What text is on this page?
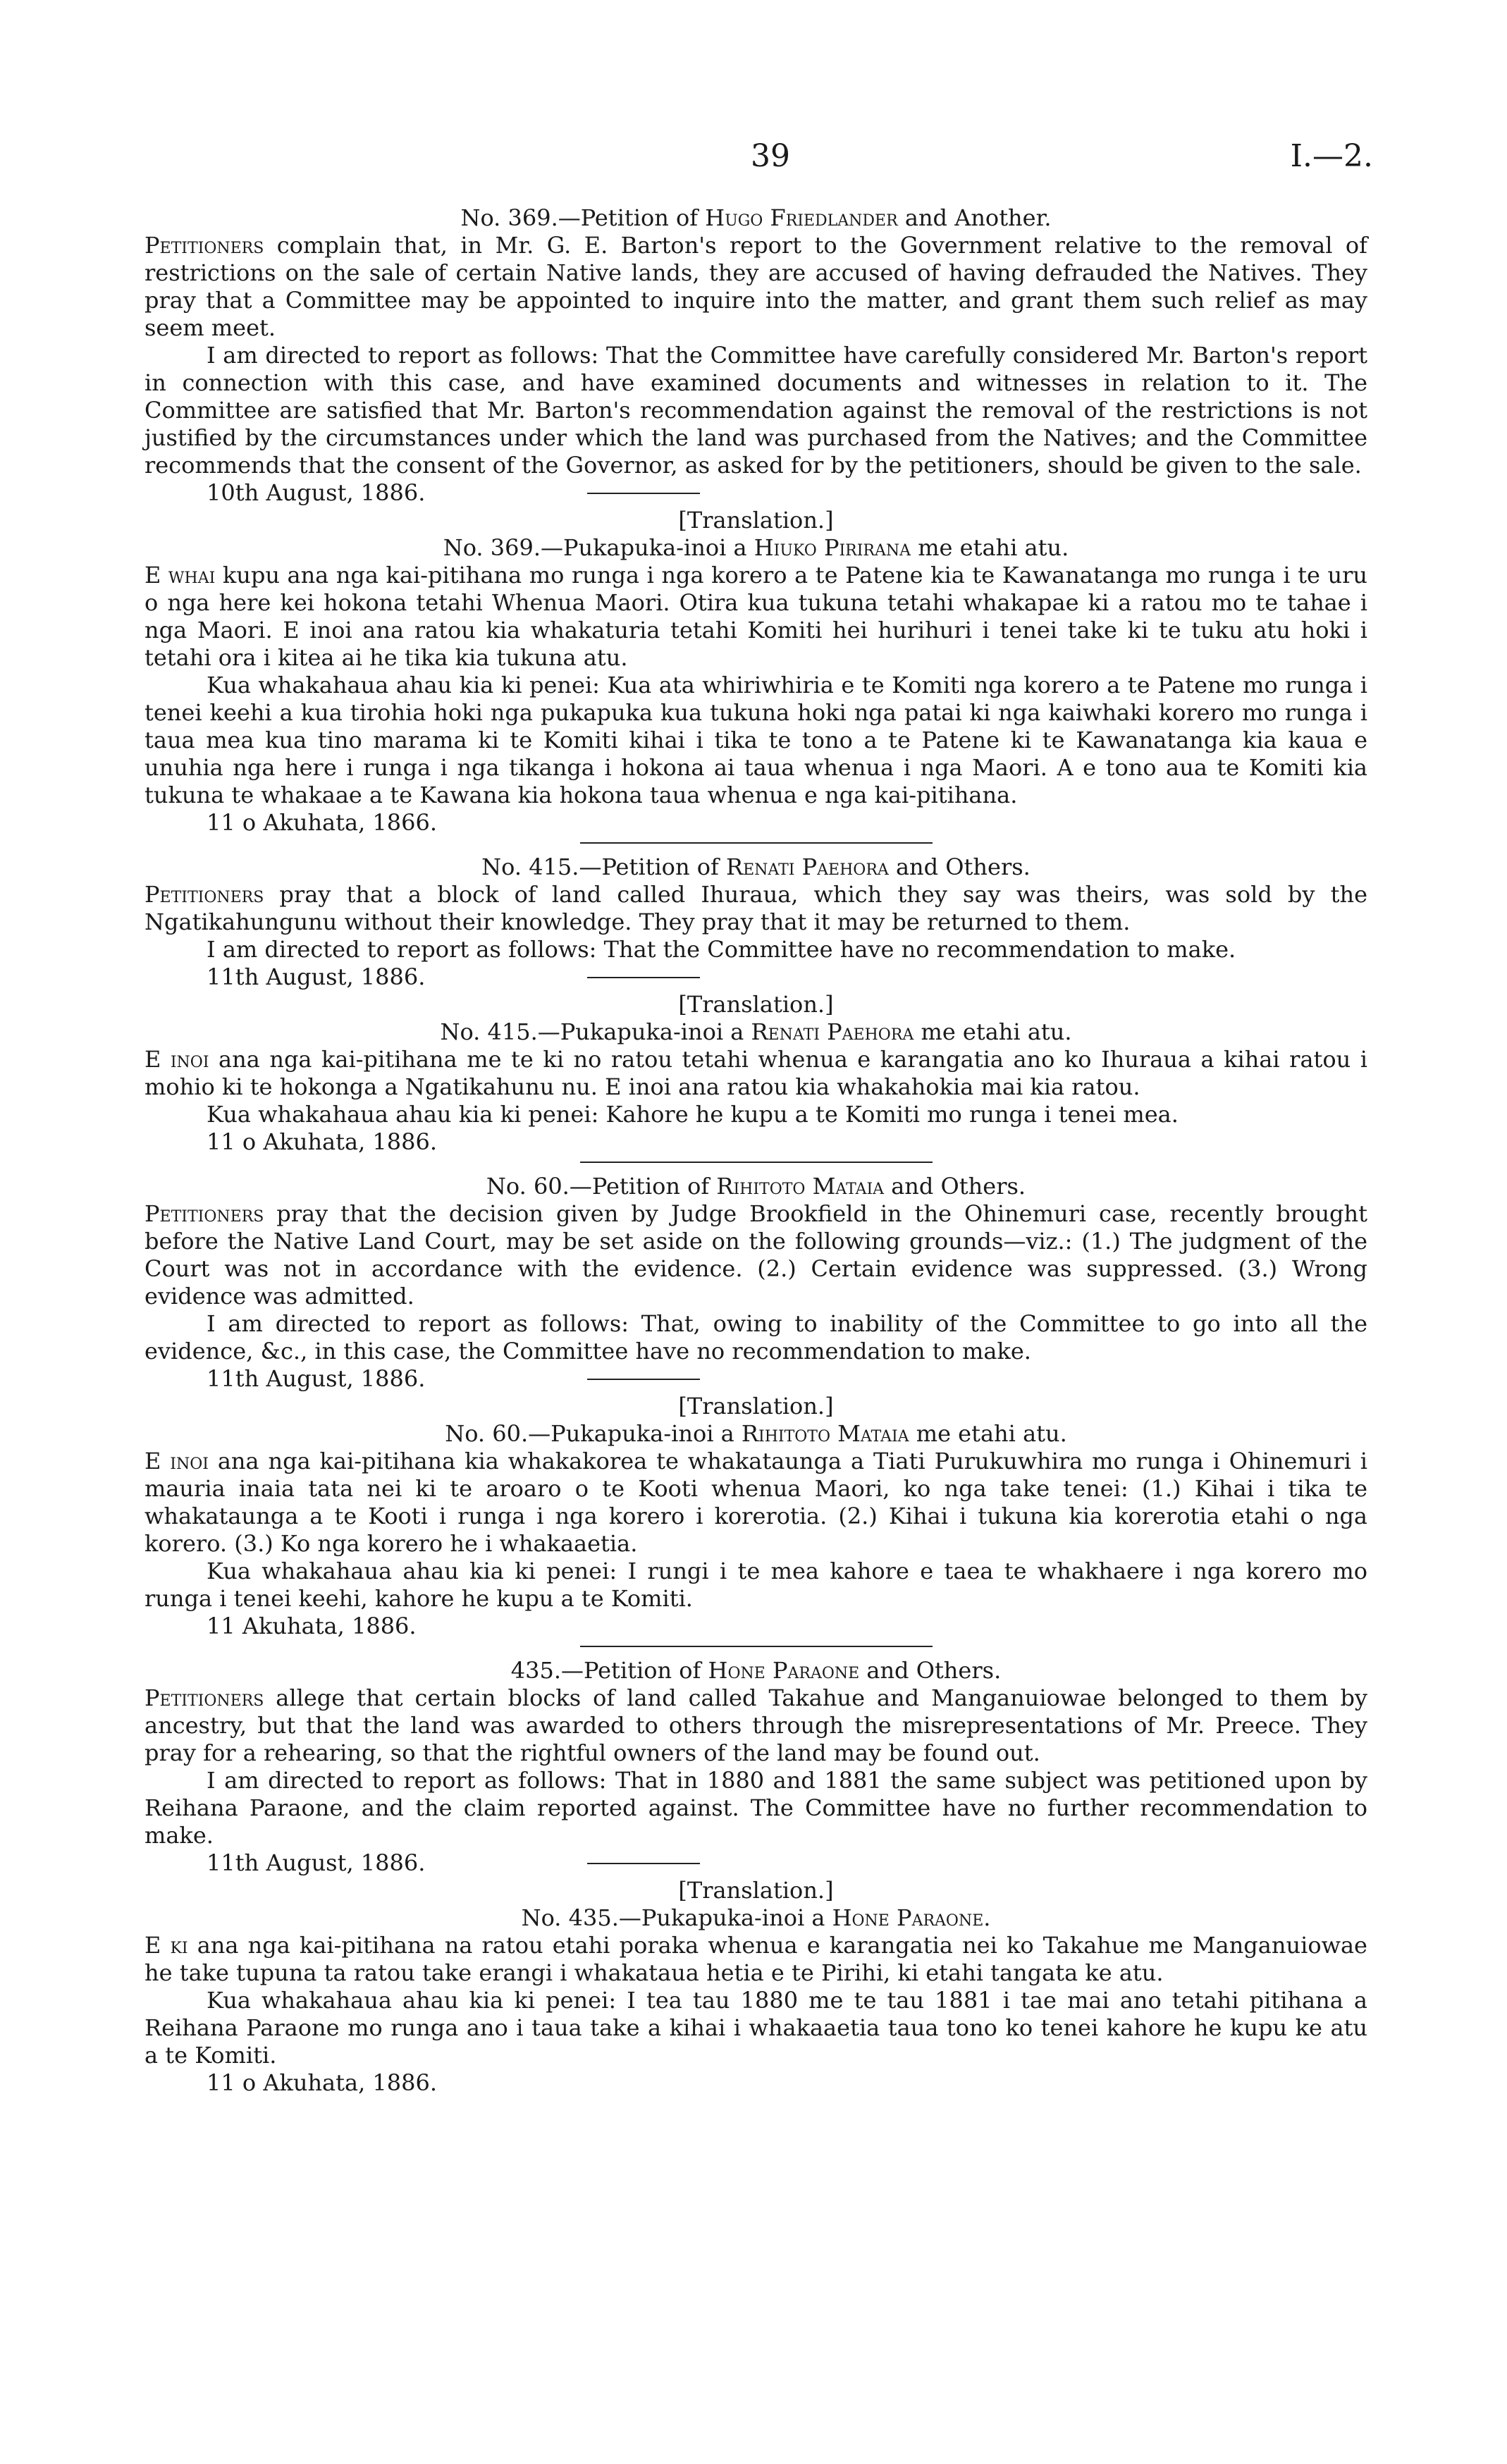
39	I.—2.

No. 369.—Petition of Hugo Friedlander and Another.

Petitioners complain that, in Mr. G. E. Barton's report to the Government relative to the removal of restrictions on the sale of certain Native lands, they are accused of having defrauded the Natives. They pray that a Committee may be appointed to inquire into the matter, and grant them such relief as may seem meet.

I am directed to report as follows: That the Committee have carefully considered Mr. Barton's report in connection with this case, and have examined documents and witnesses in relation to it. The Committee are satisfied that Mr. Barton's recommendation against the removal of the restrictions is not justified by the circumstances under which the land was purchased from the Natives; and the Committee recommends that the consent of the Governor, as asked for by the petitioners, should be given to the sale.

10th August, 1886.

[Translation.]

No. 369.—Pukapuka-inoi a Hiuko Pirirana me etahi atu.

E whai kupu ana nga kai-pitihana mo runga i nga korero a te Patene kia te Kawanatanga mo runga i te uru o nga here kei hokona tetahi Whenua Maori. Otira kua tukuna tetahi whakapae ki a ratou mo te tahae i nga Maori. E inoi ana ratou kia whakaturia tetahi Komiti hei hurihuri i tenei take ki te tuku atu hoki i tetahi ora i kitea ai he tika kia tukuna atu.

Kua whakahaua ahau kia ki penei: Kua ata whiriwhiria e te Komiti nga korero a te Patene mo runga i tenei keehi a kua tirohia hoki nga pukapuka kua tukuna hoki nga patai ki nga kaiwhaki korero mo runga i taua mea kua tino marama ki te Komiti kihai i tika te tono a te Patene ki te Kawanatanga kia kaua e unuhia nga here i runga i nga tikanga i hokona ai taua whenua i nga Maori. A e tono aua te Komiti kia tukuna te whakaae a te Kawana kia hokona taua whenua e nga kai-pitihana.

11 o Akuhata, 1866.

No. 415.—Petition of Renati Paehora and Others.

Petitioners pray that a block of land called Ihuraua, which they say was theirs, was sold by the Ngatikahungunu without their knowledge. They pray that it may be returned to them.

I am directed to report as follows: That the Committee have no recommendation to make.

11th August, 1886.

[Translation.]

No. 415.—Pukapuka-inoi a Renati Paehora me etahi atu.

E inoi ana nga kai-pitihana me te ki no ratou tetahi whenua e karangatia ano ko Ihuraua a kihai ratou i mohio ki te hokonga a Ngatikahunu nu. E inoi ana ratou kia whakahokia mai kia ratou.

Kua whakahaua ahau kia ki penei: Kahore he kupu a te Komiti mo runga i tenei mea.

11 o Akuhata, 1886.

No. 60.—Petition of Rihitoto Mataia and Others.

Petitioners pray that the decision given by Judge Brookfield in the Ohinemuri case, recently brought before the Native Land Court, may be set aside on the following grounds—viz.: (1.) The judgment of the Court was not in accordance with the evidence. (2.) Certain evidence was suppressed. (3.) Wrong evidence was admitted.

I am directed to report as follows: That, owing to inability of the Committee to go into all the evidence, &c., in this case, the Committee have no recommendation to make.

11th August, 1886.

[Translation.]

No. 60.—Pukapuka-inoi a Rihitoto Mataia me etahi atu.

E inoi ana nga kai-pitihana kia whakakorea te whakataunga a Tiati Purukuwhira mo runga i Ohinemuri i mauria inaia tata nei ki te aroaro o te Kooti whenua Maori, ko nga take tenei: (1.) Kihai i tika te whakataunga a te Kooti i runga i nga korero i korerotia. (2.) Kihai i tukuna kia korerotia etahi o nga korero. (3.) Ko nga korero he i whakaaetia.

Kua whakahaua ahau kia ki penei: I rungi i te mea kahore e taea te whakhaere i nga korero mo runga i tenei keehi, kahore he kupu a te Komiti.

11 Akuhata, 1886.

435.—Petition of Hone Paraone and Others.

Petitioners allege that certain blocks of land called Takahue and Manganuiowae belonged to them by ancestry, but that the land was awarded to others through the misrepresentations of Mr. Preece. They pray for a rehearing, so that the rightful owners of the land may be found out.

I am directed to report as follows: That in 1880 and 1881 the same subject was petitioned upon by Reihana Paraone, and the claim reported against. The Committee have no further recommendation to make.

11th August, 1886.

[Translation.]

No. 435.—Pukapuka-inoi a Hone Paraone.

E ki ana nga kai-pitihana na ratou etahi poraka whenua e karangatia nei ko Takahue me Manganuiowae he take tupuna ta ratou take erangi i whakataua hetia e te Pirihi, ki etahi tangata ke atu.

Kua whakahaua ahau kia ki penei: I tea tau 1880 me te tau 1881 i tae mai ano tetahi pitihana a Reihana Paraone mo runga ano i taua take a kihai i whakaaetia taua tono ko tenei kahore he kupu ke atu a te Komiti.

11 o Akuhata, 1886.
